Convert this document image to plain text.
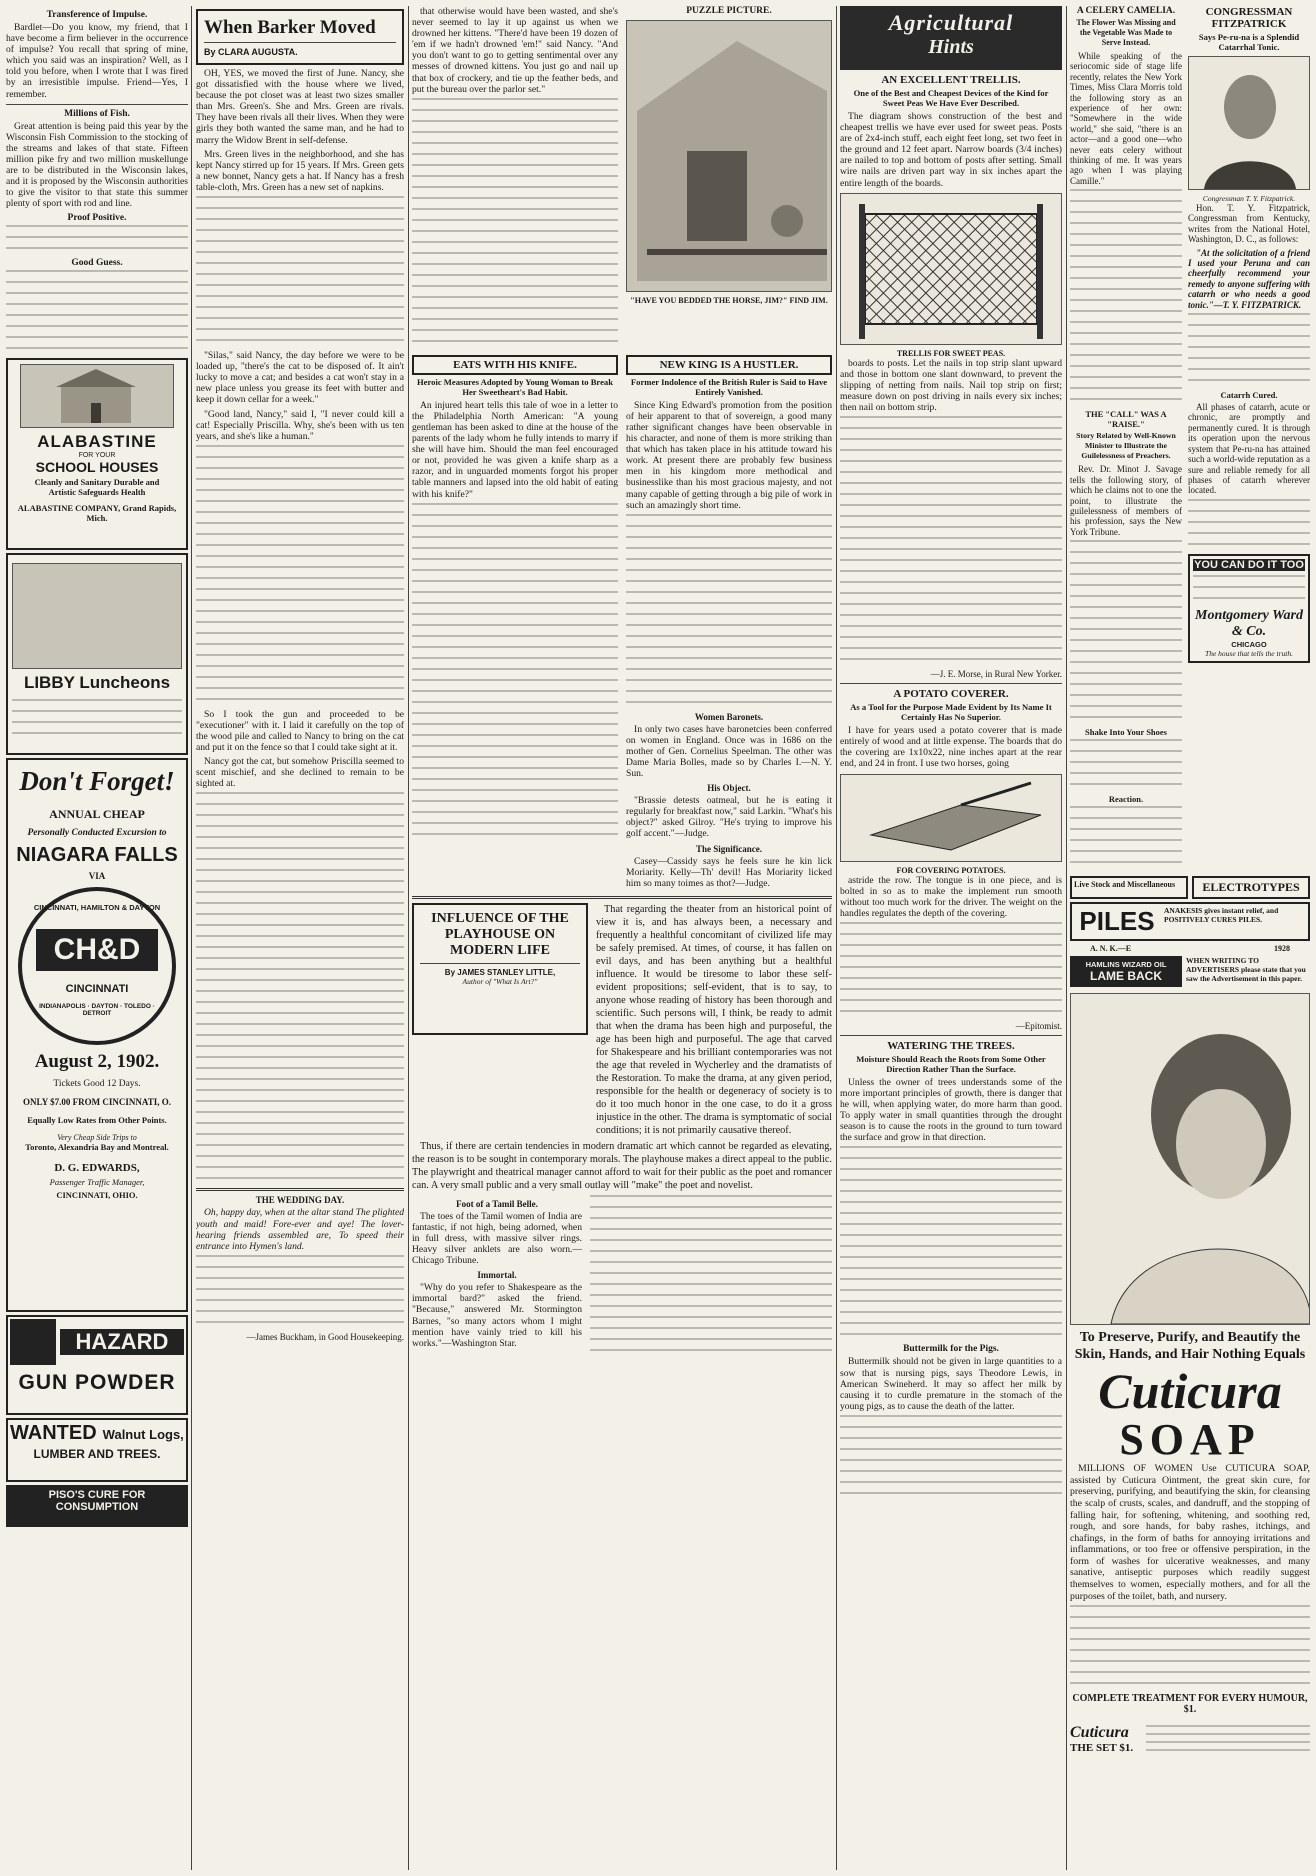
Transference of Impulse.

Bardlet—Do you know, my friend, that I have become a firm believer in the occurrence of impulse? You recall that spring of mine, which you said was an inspiration? Well, as I told you before, when I wrote that I was fired by an irresistible impulse. Friend—Yes, I remember.

Millions of Fish.

Great attention is being paid this year by the Wisconsin Fish Commission to the stocking of the streams and lakes of that state. Fifteen million pike fry and two million muskellunge are to be distributed in the Wisconsin lakes, and it is proposed by the Wisconsin authorities to give the visitor to that state this summer plenty of sport with rod and line.

Proof Positive.
Good Guess.
ALABASTINE
FOR YOUR
SCHOOL HOUSES
Cleanly and Sanitary Durable and Artistic Safeguards Health
ALABASTINE COMPANY, Grand Rapids, Mich.
LIBBY Luncheons
Don't Forget!
ANNUAL CHEAP
Personally Conducted Excursion to
NIAGARA FALLS
VIA
CINCINNATI, HAMILTON & DAYTON
CH&D
CINCINNATI
INDIANAPOLIS · DAYTON · TOLEDO · DETROIT
August 2, 1902.
Tickets Good 12 Days.
ONLY $7.00 FROM CINCINNATI, O.
Equally Low Rates from Other Points.
Very Cheap Side Trips to
Toronto, Alexandria Bay and Montreal.
D. G. EDWARDS,
Passenger Traffic Manager,
CINCINNATI, OHIO.
HAZARD
GUN POWDER
WANTED Walnut Logs,
LUMBER AND TREES.
PISO'S CURE FOR
CONSUMPTION
When Barker Moved
By CLARA AUGUSTA.

OH, YES, we moved the first of June. Nancy, she got dissatisfied with the house where we lived, because the pot closet was at least two sizes smaller than Mrs. Green's. She and Mrs. Green are rivals. They have been rivals all their lives. When they were girls they both wanted the same man, and he had to marry the Widow Brent in self-defense.

Mrs. Green lives in the neighborhood, and she has kept Nancy stirred up for 15 years. If Mrs. Green gets a new bonnet, Nancy gets a hat. If Nancy has a fresh table-cloth, Mrs. Green has a new set of napkins.

"Silas," said Nancy, the day before we were to be loaded up, "there's the cat to be disposed of. It ain't lucky to move a cat; and besides a cat won't stay in a new place unless you grease its feet with butter and keep it down cellar for a week."

"Good land, Nancy," said I, "I never could kill a cat! Especially Priscilla. Why, she's been with us ten years, and she's like a human."

So I took the gun and proceeded to be "executioner" with it. I laid it carefully on the top of the wood pile and called to Nancy to bring on the cat and put it on the fence so that I could take sight at it.

Nancy got the cat, but somehow Priscilla seemed to scent mischief, and she declined to remain to be sighted at.

THE WEDDING DAY.

Oh, happy day, when at the altar stand The plighted youth and maid! Fore-ever and aye! The lover-hearing friends assembled are, To speed their entrance into Hymen's land.

—James Buckham, in Good Housekeeping.

that otherwise would have been wasted, and she's never seemed to lay it up against us when we drowned her kittens. "There'd have been 19 dozen of 'em if we hadn't drowned 'em!" said Nancy. "And you don't want to go to getting sentimental over any messes of drowned kittens. You just go and nail up that box of crockery, and tie up the feather beds, and put the bureau over the parlor set."

PUZZLE PICTURE.
"HAVE YOU BEDDED THE HORSE, JIM?" FIND JIM.
EATS WITH HIS KNIFE.
Heroic Measures Adopted by Young Woman to Break Her Sweetheart's Bad Habit.

An injured heart tells this tale of woe in a letter to the Philadelphia North American: "A young gentleman has been asked to dine at the house of the parents of the lady whom he fully intends to marry if she will have him. Should the man feel encouraged or not, provided he was given a knife sharp as a razor, and in unguarded moments forgot his proper table manners and lapsed into the old habit of eating with his knife?"

NEW KING IS A HUSTLER.
Former Indolence of the British Ruler is Said to Have Entirely Vanished.

Since King Edward's promotion from the position of heir apparent to that of sovereign, a good many rather significant changes have been observable in his character, and none of them is more striking than that which has taken place in his attitude toward his work. At present there are probably few business men in his kingdom more methodical and businesslike than his most gracious majesty, and not many capable of getting through a big pile of work in such an amazingly short time.

Women Baronets.

In only two cases have baronetcies been conferred on women in England. Once was in 1686 on the mother of Gen. Cornelius Speelman. The other was Dame Maria Bolles, made so by Charles I.—N. Y. Sun.

His Object.

"Brassie detests oatmeal, but he is eating it regularly for breakfast now," said Larkin. "What's his object?" asked Gilroy. "He's trying to improve his golf accent."—Judge.

The Significance.

Casey—Cassidy says he feels sure he kin lick Moriarity. Kelly—Th' devil! Has Moriarity licked him so many toimes as thot?—Judge.

INFLUENCE OF THE PLAYHOUSE ON MODERN LIFE
By JAMES STANLEY LITTLE,
Author of "What Is Art?"

That regarding the theater from an historical point of view it is, and has always been, a necessary and frequently a healthful concomitant of civilized life may be safely premised. At times, of course, it has fallen on evil days, and has been anything but a healthful influence. It would be tiresome to labor these self-evident propositions; self-evident, that is to say, to anyone whose reading of history has been thorough and scientific. Such persons will, I think, be ready to admit that when the drama has been high and purposeful, the age has been high and purposeful. The age that carved for Shakespeare and his brilliant contemporaries was not the age that reveled in Wycherley and the dramatists of the Restoration. To make the drama, at any given period, responsible for the health or degeneracy of society is to do it too much honor in the one case, to do it a gross injustice in the other. The drama is symptomatic of social conditions; it is not primarily causative thereof.

Thus, if there are certain tendencies in modern dramatic art which cannot be regarded as elevating, the reason is to be sought in contemporary morals. The playhouse makes a direct appeal to the public. The playwright and theatrical manager cannot afford to wait for their public as the poet and romancer can. A very small public and a very small outlay will "make" the poet and novelist.

Foot of a Tamil Belle.

The toes of the Tamil women of India are fantastic, if not high, being adorned, when in full dress, with massive silver rings. Heavy silver anklets are also worn.—Chicago Tribune.

Immortal.

"Why do you refer to Shakespeare as the immortal bard?" asked the friend. "Because," answered Mr. Stormington Barnes, "so many actors whom I might mention have vainly tried to kill his works."—Washington Star.

Agricultural
Hints
AN EXCELLENT TRELLIS.
One of the Best and Cheapest Devices of the Kind for Sweet Peas We Have Ever Described.

The diagram shows construction of the best and cheapest trellis we have ever used for sweet peas. Posts are of 2x4-inch stuff, each eight feet long, set two feet in the ground and 12 feet apart. Narrow boards (3/4 inches) are nailed to top and bottom of posts after setting. Small wire nails are driven part way in six inches apart the entire length of the boards.

TRELLIS FOR SWEET PEAS.

boards to posts. Let the nails in top strip slant upward and those in bottom one slant downward, to prevent the slipping of netting from nails. Nail top strip on first; measure down on post driving in nails every six inches; then nail on bottom strip.

—J. E. Morse, in Rural New Yorker.
A POTATO COVERER.
As a Tool for the Purpose Made Evident by Its Name It Certainly Has No Superior.

I have for years used a potato coverer that is made entirely of wood and at little expense. The boards that do the covering are 1x10x22, nine inches apart at the rear end, and 24 in front. I use two horses, going

FOR COVERING POTATOES.

astride the row. The tongue is in one piece, and is bolted in so as to make the implement run smooth without too much work for the driver. The weight on the handles regulates the depth of the covering.

—Epitomist.
WATERING THE TREES.
Moisture Should Reach the Roots from Some Other Direction Rather Than the Surface.

Unless the owner of trees understands some of the more important principles of growth, there is danger that he will, when applying water, do more harm than good. To apply water in small quantities through the drought season is to cause the roots in the ground to turn toward the surface and grow in that direction.

Buttermilk for the Pigs.

Buttermilk should not be given in large quantities to a sow that is nursing pigs, says Theodore Lewis, in American Swineherd. It may so affect her milk by causing it to curdle premature in the stomach of the young pigs, as to cause the death of the latter.

A CELERY CAMELIA.
The Flower Was Missing and the Vegetable Was Made to Serve Instead.

While speaking of the seriocomic side of stage life recently, relates the New York Times, Miss Clara Morris told the following story as an experience of her own: "Somewhere in the wide world," she said, "there is an actor—and a good one—who never eats celery without thinking of me. It was years ago when I was playing Camille."

THE "CALL" WAS A "RAISE."
Story Related by Well-Known Minister to Illustrate the Guilelessness of Preachers.

Rev. Dr. Minot J. Savage tells the following story, of which he claims not to one the point, to illustrate the guilelessness of members of his profession, says the New York Tribune.

Shake Into Your Shoes
Reaction.
CONGRESSMAN FITZPATRICK
Says Pe-ru-na is a Splendid Catarrhal Tonic.
Congressman T. Y. Fitzpatrick.

Hon. T. Y. Fitzpatrick, Congressman from Kentucky, writes from the National Hotel, Washington, D. C., as follows:

"At the solicitation of a friend I used your Peruna and can cheerfully recommend your remedy to anyone suffering with catarrh or who needs a good tonic."—T. Y. FITZPATRICK.

Catarrh Cured.

All phases of catarrh, acute or chronic, are promptly and permanently cured. It is through its operation upon the nervous system that Pe-ru-na has attained such a world-wide reputation as a sure and reliable remedy for all phases of catarrh wherever located.

YOU CAN DO IT TOO
Montgomery Ward & Co.
CHICAGO
The house that tells the truth.
Live Stock and Miscellaneous	ELECTROTYPES
PILES	ANAKESIS gives instant relief, and POSITIVELY CURES PILES.
A. N. K.—E	1928
HAMLINS WIZARD OIL
LAME BACK
WHEN WRITING TO ADVERTISERS please state that you saw the Advertisement in this paper.
To Preserve, Purify, and Beautify the Skin, Hands, and Hair Nothing Equals
Cuticura
SOAP

MILLIONS OF WOMEN Use CUTICURA SOAP, assisted by Cuticura Ointment, the great skin cure, for preserving, purifying, and beautifying the skin, for cleansing the scalp of crusts, scales, and dandruff, and the stopping of falling hair, for softening, whitening, and soothing red, rough, and sore hands, for baby rashes, itchings, and chafings, in the form of baths for annoying irritations and inflammations, or too free or offensive perspiration, in the form of washes for ulcerative weaknesses, and many sanative, antiseptic purposes which readily suggest themselves to women, especially mothers, and for all the purposes of the toilet, bath, and nursery.

COMPLETE TREATMENT FOR EVERY HUMOUR, $1.
Cuticura
THE SET $1.
